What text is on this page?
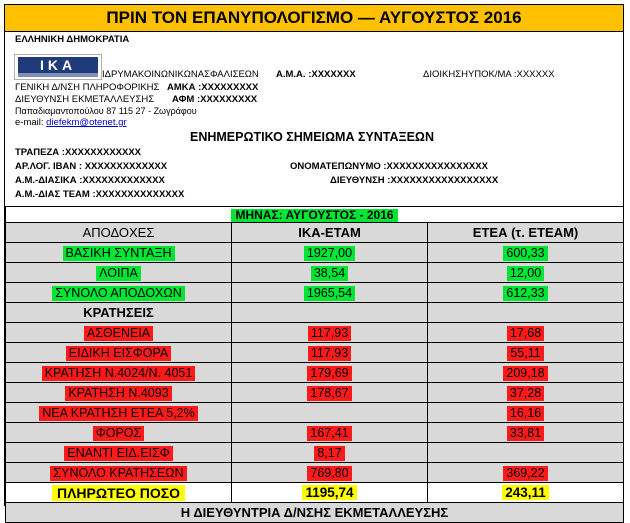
ΠΡΙΝ ΤΟΝ ΕΠΑΝΥΠΟΛΟΓΙΣΜΟ — ΑΥΓΟΥΣΤΟΣ 2016
ΕΛΛΗΝΙΚΗ ΔΗΜΟΚΡΑΤΙΑ
ΙΚΑ
ΙΔΡΥΜΑΚΟΙΝΩΝΙΚΩΝΑΣΦΑΛΙΣΕΩΝ Α.Μ.Α. :XXXXXXX	ΔΙΟΙΚΗΣΗΥΠΟΚ/ΜΑ :XXXXXX
ΓΕΝΙΚΗ Δ/ΝΣΗ ΠΛΗΡΟΦΟΡΙΚΗΣ ΑΜΚΑ :XXXXXXXXX
ΔΙΕΥΘΥΝΣΗ ΕΚΜΕΤΑΛΛΕΥΣΗΣ ΑΦΜ :XXXXXXXXX
Παπαδιαμαντοπούλου 87 115 27 - Ζωγράφου
e-mail: diefekm@otenet.gr
ΕΝΗΜΕΡΩΤΙΚΟ ΣΗΜΕΙΩΜΑ ΣΥΝΤΑΞΕΩΝ
ΤΡΑΠΕΖΑ :XXXXXXXXXXXX
ΑΡ.ΛΟΓ. IBAN : XXXXXXXXXXXXX	ΟΝΟΜΑΤΕΠΩΝΥΜΟ :XXXXXXXXXXXXXXXX
Α.Μ.-ΔΙΑΣΙΚΑ :XXXXXXXXXXXXX	ΔΙΕΥΘΥΝΣΗ :XXXXXXXXXXXXXXXXX
Α.Μ.-ΔΙΑΣ ΤΕΑΜ :XXXXXXXXXXXXXX
ΜΗΝΑΣ: ΑΥΓΟΥΣΤΟΣ - 2016		
ΑΠΟΔΟΧΕΣ	ΙΚΑ-ΕΤΑΜ	ΕΤΕΑ (τ. ΕΤΕΑΜ)
ΒΑΣΙΚΗ ΣΥΝΤΑΞΗ	1927,00	600,33
ΛΟΙΠΑ	38,54	12,00
ΣΥΝΟΛΟ ΑΠΟΔΟΧΩΝ	1965,54	612,33
ΚΡΑΤΗΣΕΙΣ		
ΑΣΘΕΝΕΙΑ	117,93	17,68
ΕΙΔΙΚΗ ΕΙΣΦΟΡΑ	117,93	55,11
ΚΡΑΤΗΣΗ Ν.4024/Ν. 4051	179,69	209,18
ΚΡΑΤΗΣΗ Ν.4093	178,67	37,28
ΝΕΑ ΚΡΑΤΗΣΗ ΕΤΕΑ 5,2%		16,16
ΦΟΡΟΣ	167,41	33,81
ΕΝΑΝΤΙ ΕΙΔ.ΕΙΣΦ	8,17	
ΣΥΝΟΛΟ ΚΡΑΤΗΣΕΩΝ	769,80	369,22
ΠΛΗΡΩΤΕΟ ΠΟΣΟ	1195,74	243,11
Η ΔΙΕΥΘΥΝΤΡΙΑ Δ/ΝΣΗΣ ΕΚΜΕΤΑΛΛΕΥΣΗΣ		
